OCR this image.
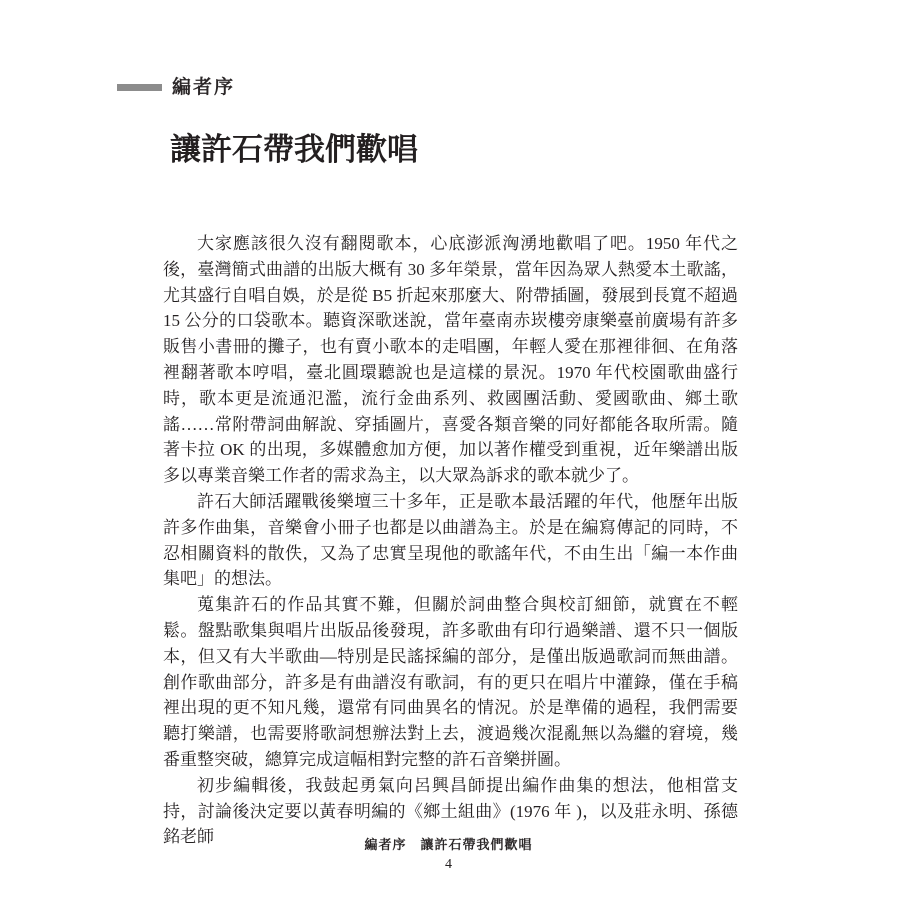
編者序
讓許石帶我們歡唱

大家應該很久沒有翻閱歌本，心底澎派洶湧地歡唱了吧。1950 年代之後，臺灣簡式曲譜的出版大概有 30 多年榮景，當年因為眾人熱愛本土歌謠，尤其盛行自唱自娛，於是從 B5 折起來那麼大、附帶插圖，發展到長寬不超過 15 公分的口袋歌本。聽資深歌迷說，當年臺南赤崁樓旁康樂臺前廣場有許多販售小書冊的攤子，也有賣小歌本的走唱團，年輕人愛在那裡徘徊、在角落裡翻著歌本哼唱，臺北圓環聽說也是這樣的景況。1970 年代校園歌曲盛行時，歌本更是流通氾濫，流行金曲系列、救國團活動、愛國歌曲、鄉土歌謠……常附帶詞曲解說、穿插圖片，喜愛各類音樂的同好都能各取所需。隨著卡拉 OK 的出現，多媒體愈加方便，加以著作權受到重視，近年樂譜出版多以專業音樂工作者的需求為主，以大眾為訴求的歌本就少了。

許石大師活躍戰後樂壇三十多年，正是歌本最活躍的年代，他歷年出版許多作曲集，音樂會小冊子也都是以曲譜為主。於是在編寫傳記的同時，不忍相關資料的散佚，又為了忠實呈現他的歌謠年代，不由生出「編一本作曲集吧」的想法。

蒐集許石的作品其實不難，但關於詞曲整合與校訂細節，就實在不輕鬆。盤點歌集與唱片出版品後發現，許多歌曲有印行過樂譜、還不只一個版本，但又有大半歌曲—特別是民謠採編的部分，是僅出版過歌詞而無曲譜。創作歌曲部分，許多是有曲譜沒有歌詞，有的更只在唱片中灌錄，僅在手稿裡出現的更不知凡幾，還常有同曲異名的情況。於是準備的過程，我們需要聽打樂譜，也需要將歌詞想辦法對上去，渡過幾次混亂無以為繼的窘境，幾番重整突破，總算完成這幅相對完整的許石音樂拼圖。

初步編輯後，我鼓起勇氣向呂興昌師提出編作曲集的想法，他相當支持，討論後決定要以黃春明編的《鄉土組曲》(1976 年 )，以及莊永明、孫德銘老師	編者序 讓許石帶我們歡唱
4
